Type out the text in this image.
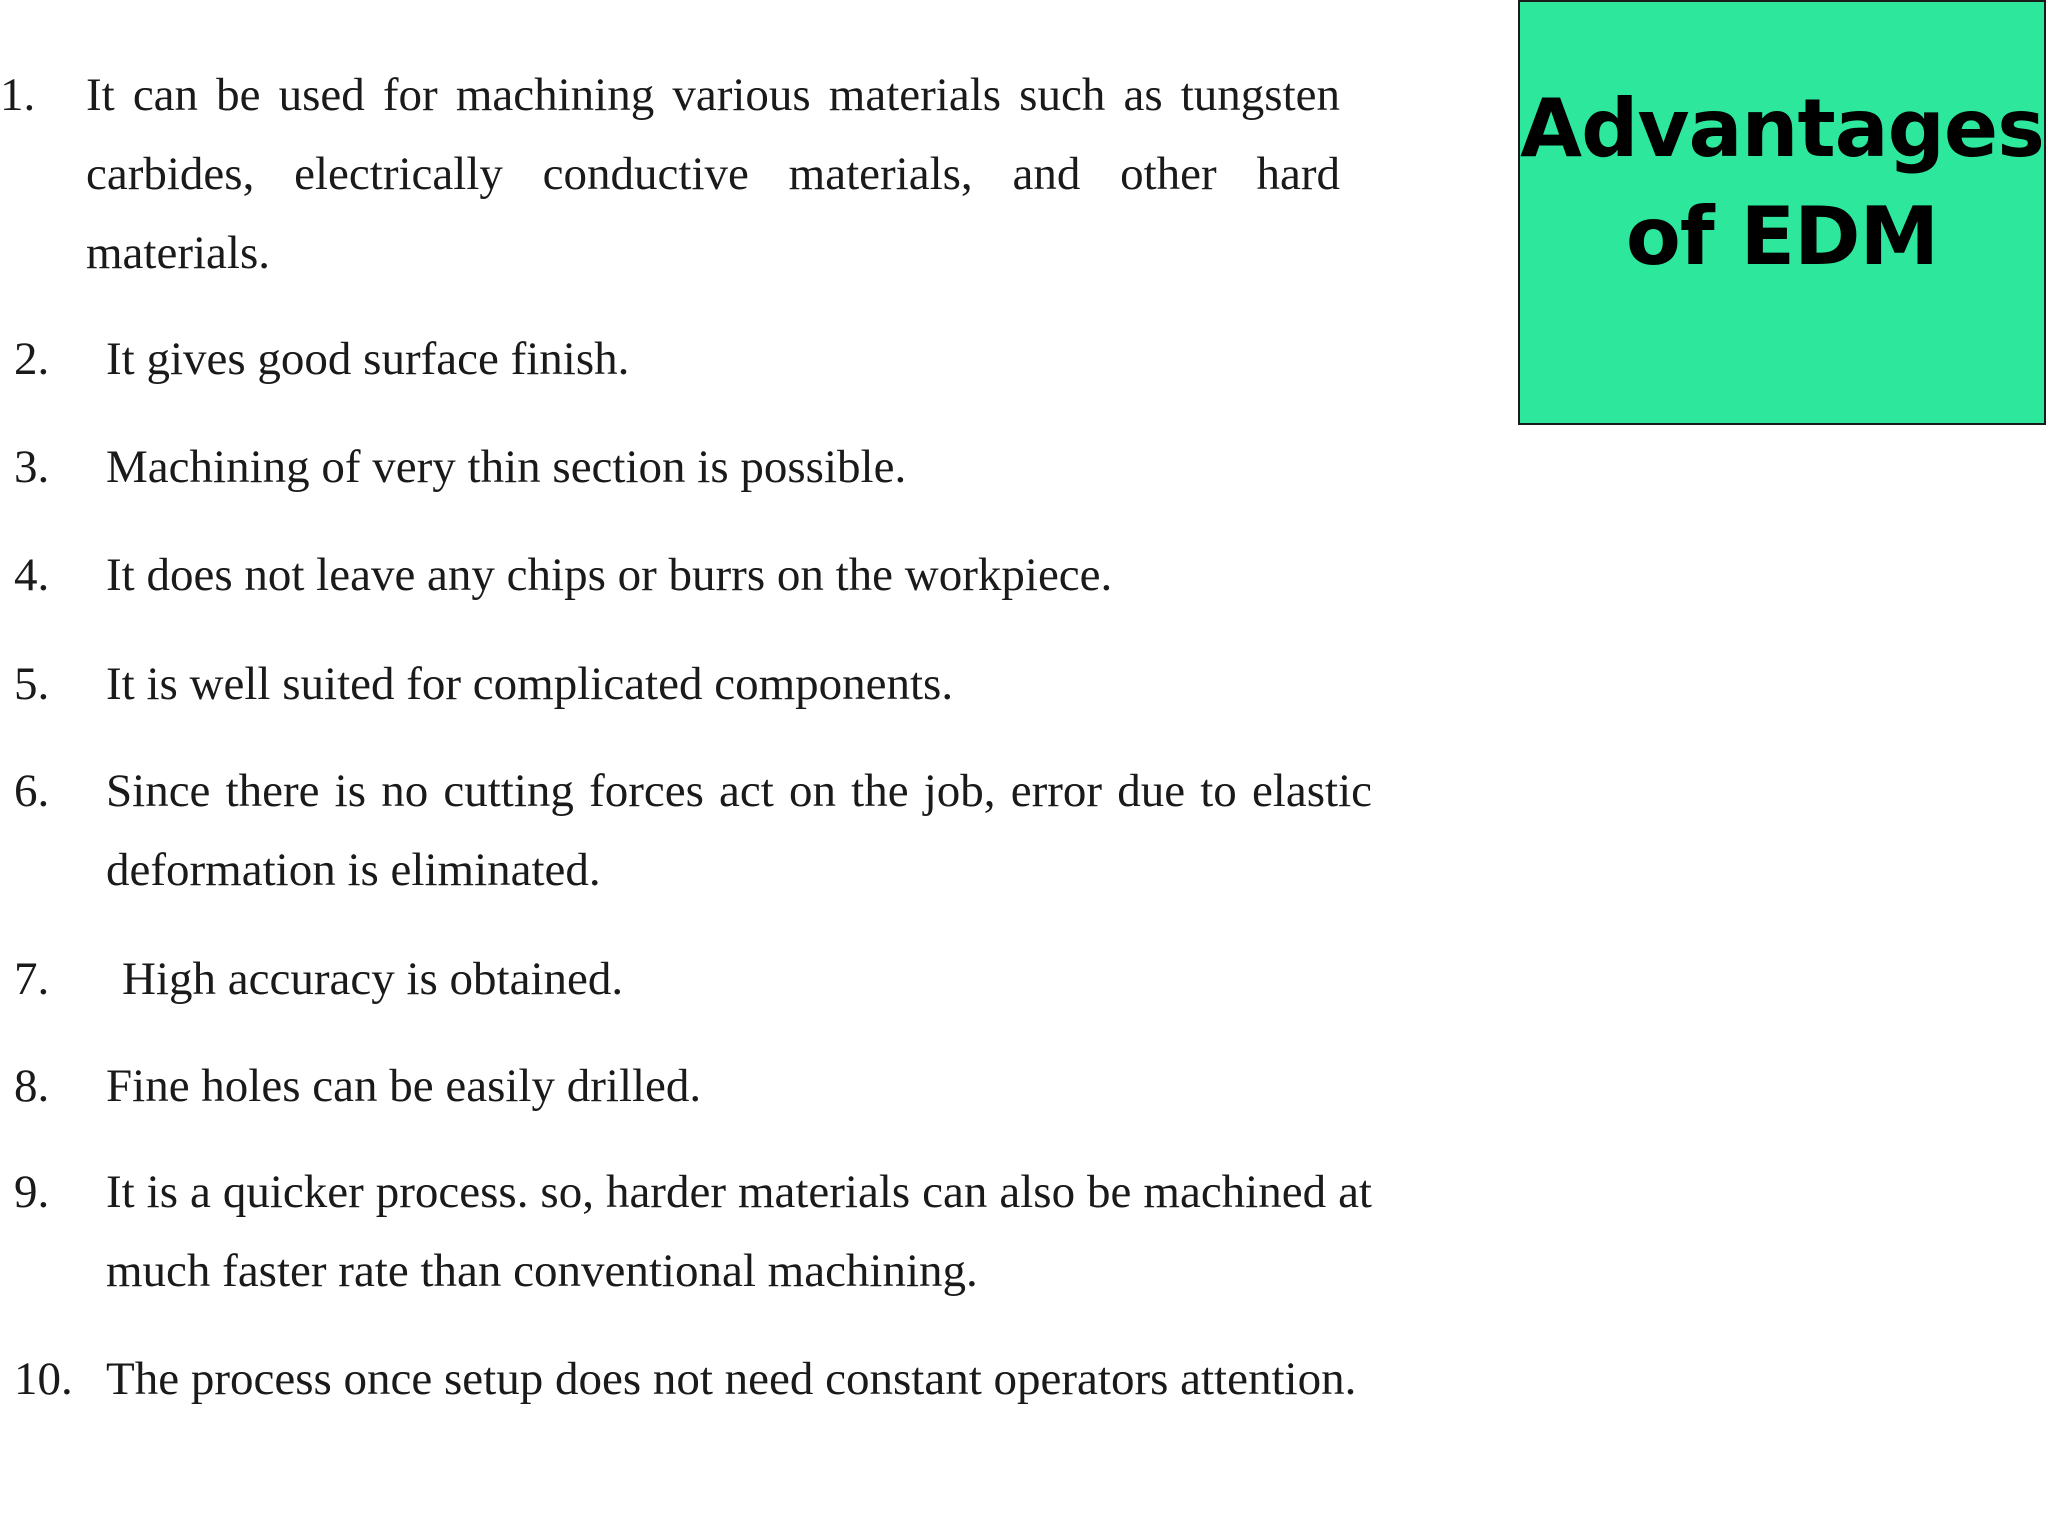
Advantages
of EDM
1. It can be used for machining various materials such as tungsten carbides, electrically conductive materials, and other hard materials.
2. It gives good surface finish.
3. Machining of very thin section is possible.
4. It does not leave any chips or burrs on the workpiece.
5. It is well suited for complicated components.
6. Since there is no cutting forces act on the job, error due to elastic deformation is eliminated.
7. High accuracy is obtained.
8. Fine holes can be easily drilled.
9. It is a quicker process. so, harder materials can also be machined at much faster rate than conventional machining.
10. The process once setup does not need constant operators attention.
